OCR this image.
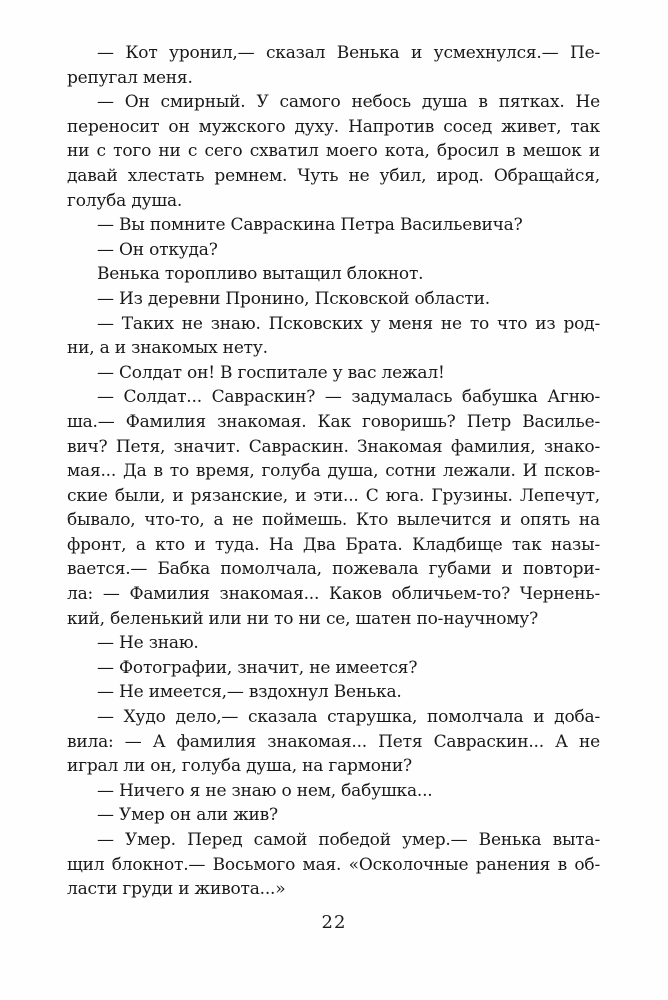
— Кот уронил,— сказал Венька и усмехнулся.— Пе-
репугал меня.
— Он смирный. У самого небось душа в пятках. Не
переносит он мужского духу. Напротив сосед живет, так
ни с того ни с сего схватил моего кота, бросил в мешок и
давай хлестать ремнем. Чуть не убил, ирод. Обращайся,
голуба душа.
— Вы помните Савраскина Петра Васильевича?
— Он откуда?
Венька торопливо вытащил блокнот.
— Из деревни Пронино, Псковской области.
— Таких не знаю. Псковских у меня не то что из род-
ни, а и знакомых нету.
— Солдат он! В госпитале у вас лежал!
— Солдат... Савраскин? — задумалась бабушка Агню-
ша.— Фамилия знакомая. Как говоришь? Петр Василье-
вич? Петя, значит. Савраскин. Знакомая фамилия, знако-
мая... Да в то время, голуба душа, сотни лежали. И псков-
ские были, и рязанские, и эти... С юга. Грузины. Лепечут,
бывало, что-то, а не поймешь. Кто вылечится и опять на
фронт, а кто и туда. На Два Брата. Кладбище так назы-
вается.— Бабка помолчала, пожевала губами и повтори-
ла: — Фамилия знакомая... Каков обличьем-то? Чернень-
кий, беленький или ни то ни се, шатен по-научному?
— Не знаю.
— Фотографии, значит, не имеется?
— Не имеется,— вздохнул Венька.
— Худо дело,— сказала старушка, помолчала и доба-
вила: — А фамилия знакомая... Петя Савраскин... А не
играл ли он, голуба душа, на гармони?
— Ничего я не знаю о нем, бабушка...
— Умер он али жив?
— Умер. Перед самой победой умер.— Венька выта-
щил блокнот.— Восьмого мая. «Осколочные ранения в об-
ласти груди и живота...»
22
